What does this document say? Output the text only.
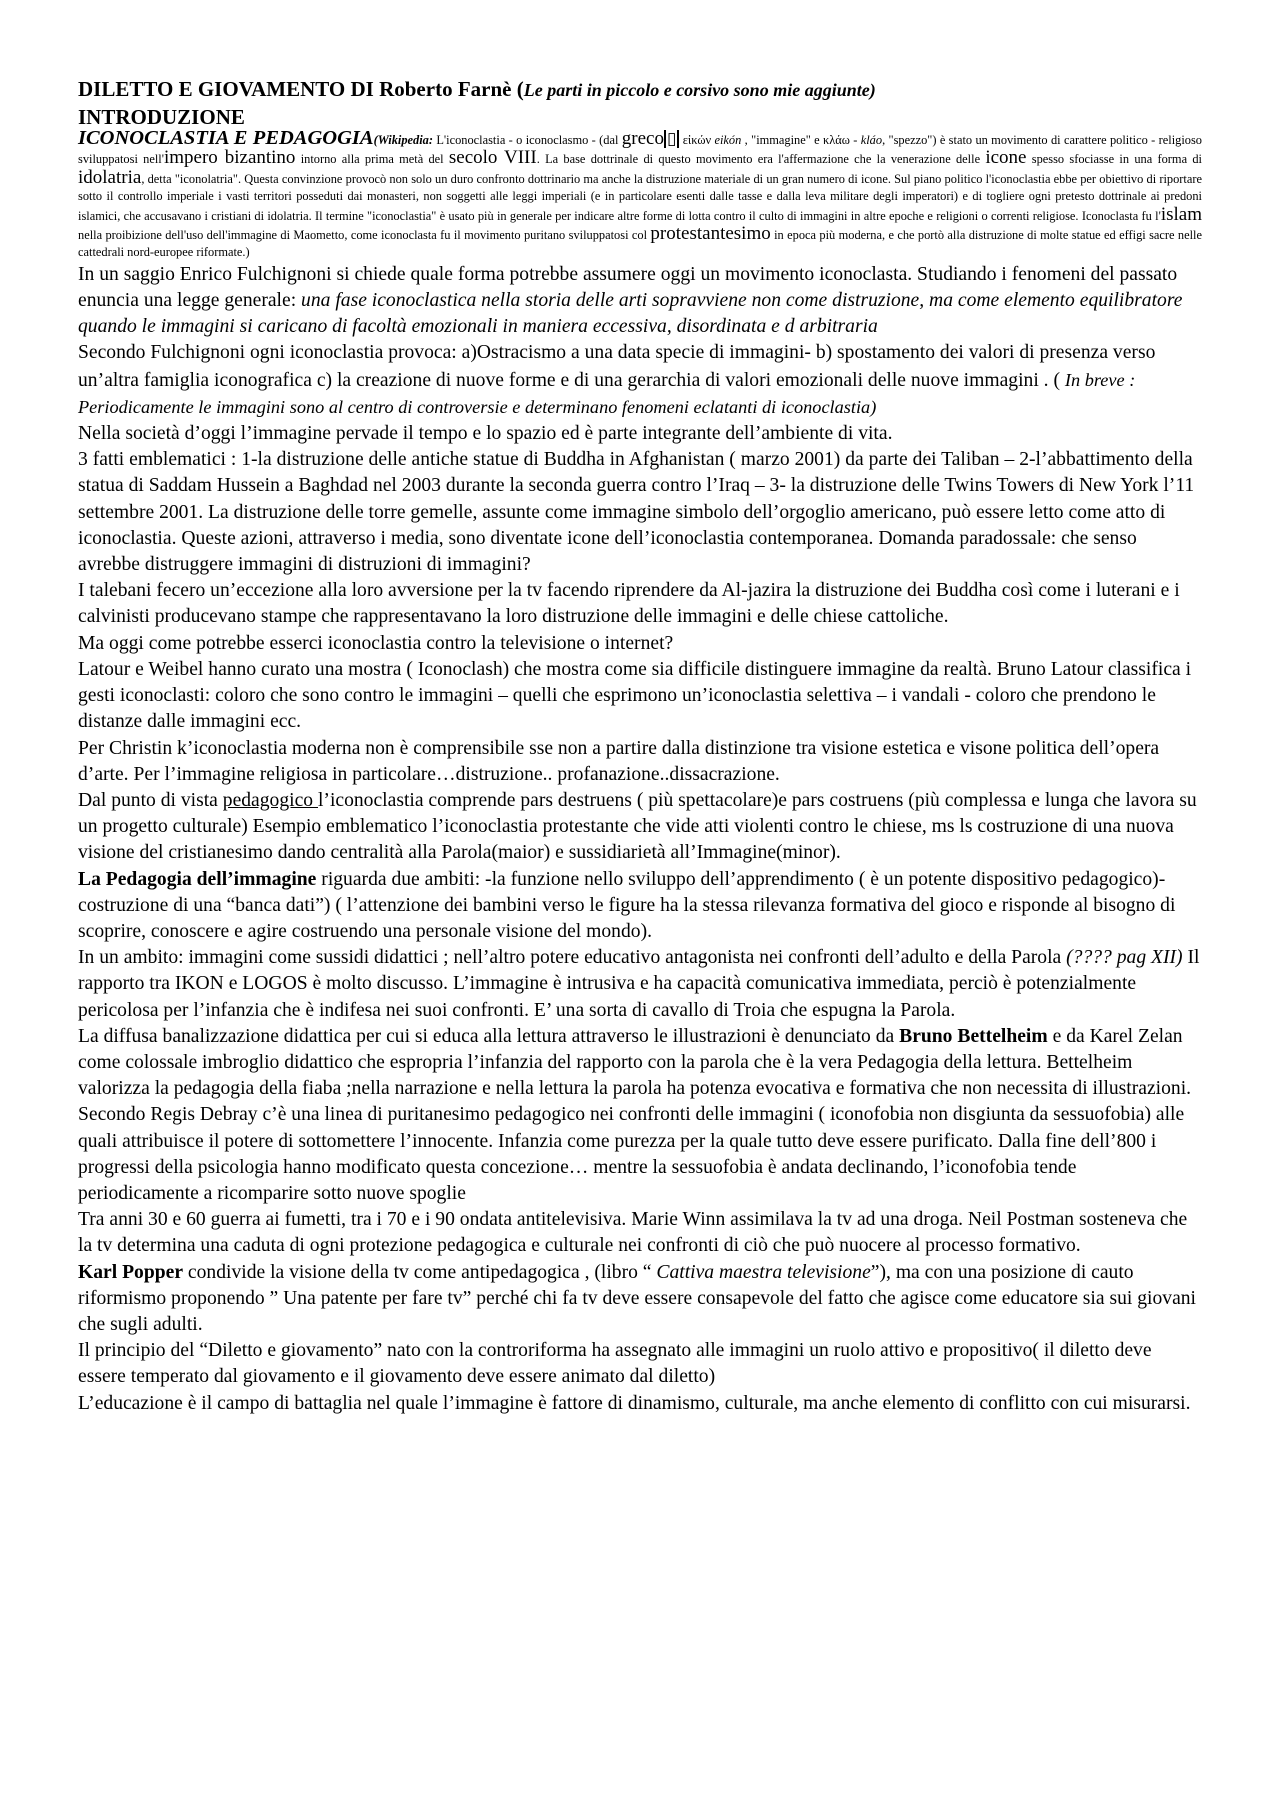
DILETTO E GIOVAMENTO DI Roberto Farnè (Le parti in piccolo e corsivo sono mie aggiunte)
INTRODUZIONE
ICONOCLASTIA E PEDAGOGIA(Wikipedia: L'iconoclastia - o iconoclasmo - (dal greco ▯ εἰκών eikón , "immagine" e κλάω - kláo, "spezzo") è stato un movimento di carattere politico - religioso sviluppatosi nell'impero bizantino intorno alla prima metà del secolo VIII. La base dottrinale di questo movimento era l'affermazione che la venerazione delle icone spesso sfociasse in una forma di idolatria, detta "iconolatria". Questa convinzione provocò non solo un duro confronto dottrinario ma anche la distruzione materiale di un gran numero di icone. Sul piano politico l'iconoclastia ebbe per obiettivo di riportare sotto il controllo imperiale i vasti territori posseduti dai monasteri, non soggetti alle leggi imperiali (e in particolare esenti dalle tasse e dalla leva militare degli imperatori) e di togliere ogni pretesto dottrinale ai predoni islamici, che accusavano i cristiani di idolatria. Il termine "iconoclastia" è usato più in generale per indicare altre forme di lotta contro il culto di immagini in altre epoche e religioni o correnti religiose. Iconoclasta fu l'islam nella proibizione dell'uso dell'immagine di Maometto, come iconoclasta fu il movimento puritano sviluppatosi col protestantesimo in epoca più moderna, e che portò alla distruzione di molte statue ed effigi sacre nelle cattedrali nord-europee riformate.)

In un saggio Enrico Fulchignoni si chiede quale forma potrebbe assumere oggi un movimento iconoclasta. Studiando i fenomeni del passato enuncia una legge generale: una fase iconoclastica nella storia delle arti sopravviene non come distruzione, ma come elemento equilibratore quando le immagini si caricano di facoltà emozionali in maniera eccessiva, disordinata e d arbitraria

Secondo Fulchignoni ogni iconoclastia provoca: a)Ostracismo a una data specie di immagini- b) spostamento dei valori di presenza verso un’altra famiglia iconografica c) la creazione di nuove forme e di una gerarchia di valori emozionali delle nuove immagini . ( In breve : Periodicamente le immagini sono al centro di controversie e determinano fenomeni eclatanti di iconoclastia)

Nella società d’oggi l’immagine pervade il tempo e lo spazio ed è parte integrante dell’ambiente di vita.

3 fatti emblematici : 1-la distruzione delle antiche statue di Buddha in Afghanistan ( marzo 2001) da parte dei Taliban – 2-l’abbattimento della statua di Saddam Hussein a Baghdad nel 2003 durante la seconda guerra contro l’Iraq – 3- la distruzione delle Twins Towers di New York l’11 settembre 2001. La distruzione delle torre gemelle, assunte come immagine simbolo dell’orgoglio americano, può essere letto come atto di iconoclastia. Queste azioni, attraverso i media, sono diventate icone dell’iconoclastia contemporanea. Domanda paradossale: che senso avrebbe distruggere immagini di distruzioni di immagini?

I talebani fecero un’eccezione alla loro avversione per la tv facendo riprendere da Al-jazira la distruzione dei Buddha così come i luterani e i calvinisti producevano stampe che rappresentavano la loro distruzione delle immagini e delle chiese cattoliche.

Ma oggi come potrebbe esserci iconoclastia contro la televisione o internet?

Latour e Weibel hanno curato una mostra ( Iconoclash) che mostra come sia difficile distinguere immagine da realtà. Bruno Latour classifica i gesti iconoclasti: coloro che sono contro le immagini – quelli che esprimono un’iconoclastia selettiva – i vandali - coloro che prendono le distanze dalle immagini ecc.

Per Christin k’iconoclastia moderna non è comprensibile sse non a partire dalla distinzione tra visione estetica e visone politica dell’opera d’arte. Per l’immagine religiosa in particolare…distruzione.. profanazione..dissacrazione.

Dal punto di vista pedagogico l’iconoclastia comprende pars destruens ( più spettacolare)e pars costruens (più complessa e lunga che lavora su un progetto culturale) Esempio emblematico l’iconoclastia protestante che vide atti violenti contro le chiese, ms ls costruzione di una nuova visione del cristianesimo dando centralità alla Parola(maior) e sussidiarietà all’Immagine(minor).

La Pedagogia dell’immagine riguarda due ambiti: -la funzione nello sviluppo dell’apprendimento ( è un potente dispositivo pedagogico)- costruzione di una “banca dati”) ( l’attenzione dei bambini verso le figure ha la stessa rilevanza formativa del gioco e risponde al bisogno di scoprire, conoscere e agire costruendo una personale visione del mondo).

In un ambito: immagini come sussidi didattici ; nell’altro potere educativo antagonista nei confronti dell’adulto e della Parola (???? pag XII) Il rapporto tra IKON e LOGOS è molto discusso. L’immagine è intrusiva e ha capacità comunicativa immediata, perciò è potenzialmente pericolosa per l’infanzia che è indifesa nei suoi confronti. E’ una sorta di cavallo di Troia che espugna la Parola.

La diffusa banalizzazione didattica per cui si educa alla lettura attraverso le illustrazioni è denunciato da Bruno Bettelheim e da Karel Zelan come colossale imbroglio didattico che espropria l’infanzia del rapporto con la parola che è la vera Pedagogia della lettura. Bettelheim valorizza la pedagogia della fiaba ;nella narrazione e nella lettura la parola ha potenza evocativa e formativa che non necessita di illustrazioni.

Secondo Regis Debray c’è una linea di puritanesimo pedagogico nei confronti delle immagini ( iconofobia non disgiunta da sessuofobia) alle quali attribuisce il potere di sottomettere l’innocente. Infanzia come purezza per la quale tutto deve essere purificato. Dalla fine dell’800 i progressi della psicologia hanno modificato questa concezione… mentre la sessuofobia è andata declinando, l’iconofobia tende periodicamente a ricomparire sotto nuove spoglie

Tra anni 30 e 60 guerra ai fumetti, tra i 70 e i 90 ondata antitelevisiva. Marie Winn assimilava la tv ad una droga. Neil Postman sosteneva che la tv determina una caduta di ogni protezione pedagogica e culturale nei confronti di ciò che può nuocere al processo formativo.

Karl Popper condivide la visione della tv come antipedagogica , (libro “ Cattiva maestra televisione”), ma con una posizione di cauto riformismo proponendo ” Una patente per fare tv” perché chi fa tv deve essere consapevole del fatto che agisce come educatore sia sui giovani che sugli adulti.

Il principio del “Diletto e giovamento” nato con la controriforma ha assegnato alle immagini un ruolo attivo e propositivo( il diletto deve essere temperato dal giovamento e il giovamento deve essere animato dal diletto)

L’educazione è il campo di battaglia nel quale l’immagine è fattore di dinamismo, culturale, ma anche elemento di conflitto con cui misurarsi.
